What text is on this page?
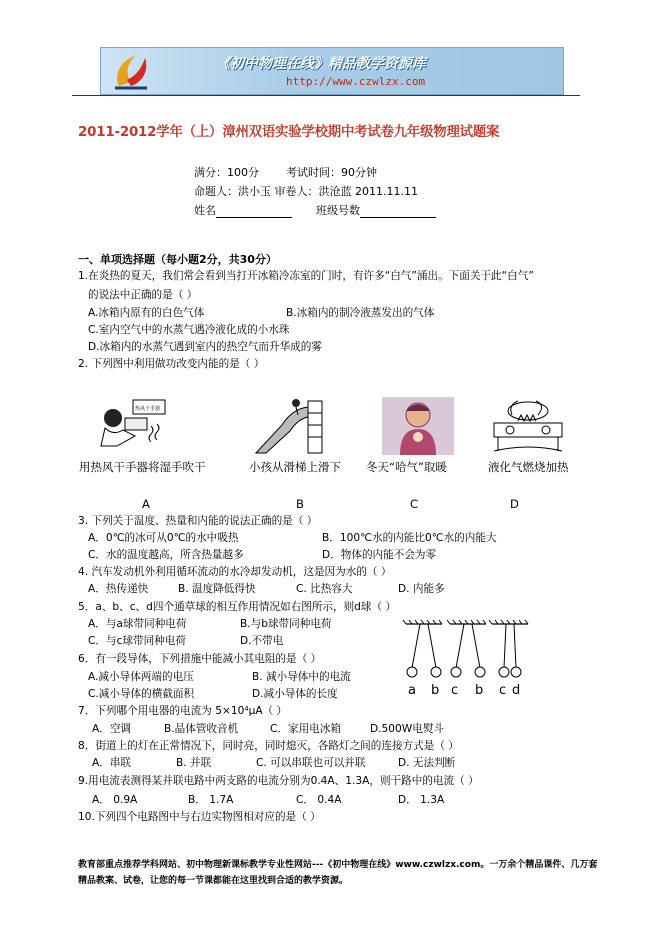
《初中物理在线》精品教学资源库
http://www.czwlzx.com
2011-2012学年（上）漳州双语实验学校期中考试卷九年级物理试题案
满分：100分 考试时间：90分钟
命题人：洪小玉 审卷人：洪沧蓝 2011.11.11
姓名	班级号数
一、单项选择题（每小题2分，共30分）
1.在炎热的夏天，我们常会看到当打开冰箱冷冻室的门时，有许多“白气”涌出。下面关于此“白气”
的说法中正确的是（ ）
A.冰箱内原有的白色气体	B.冰箱内的制冷液蒸发出的气体
C.室内空气中的水蒸气遇冷液化成的小水珠
D.冰箱内的水蒸气遇到室内的热空气而升华成的雾
2. 下列图中利用做功改变内能的是（ ）
热风干手器
用热风干手器将湿手吹干	小孩从滑梯上滑下 冬天“哈气”取暖	液化气燃烧加热
A	B	C	D
3. 下列关于温度、热量和内能的说法正确的是（ ）
A．0℃的冰可从0℃的水中吸热	B．100℃水的内能比0℃水的内能大
C．水的温度越高，所含热量越多	D．物体的内能不会为零
4. 汽车发动机外利用循环流动的水冷却发动机，这是因为水的（ ）
A．热传递快	B. 温度降低得快	C. 比热容大	D. 内能多
5．a、b、c、d四个通草球的相互作用情况如右图所示，则d球（ ）
A．与a球带同种电荷	B.与b球带同种电荷
C．与c球带同种电荷	D.不带电
a b c b c d
6．有一段导体，下列措施中能减小其电阻的是（ ）
A.减小导体两端的电压	B. 减小导体中的电流
C.减小导体的横截面积	D.减小导体的长度
7．下列哪个用电器的电流为 5×10⁴μA（ ）
A．空调	B.晶体管收音机	C．家用电冰箱	D.500W电熨斗
8．街道上的灯在正常情况下，同时亮，同时熄灭，各路灯之间的连接方式是（ ）
A．串联	B. 并联	C. 可以串联也可以并联	D. 无法判断
9.用电流表测得某并联电路中两支路的电流分别为0.4A、1.3A，则干路中的电流（ ）
A． 0.9A	B． 1.7A	C． 0.4A	D． 1.3A
10.下列四个电路图中与右边实物图相对应的是（ ）
教育部重点推荐学科网站、初中物理新课标教学专业性网站---《初中物理在线》www.czwlzx.com。一万余个精品课件、几万套精品教案、试卷，让您的每一节课都能在这里找到合适的教学资源。
